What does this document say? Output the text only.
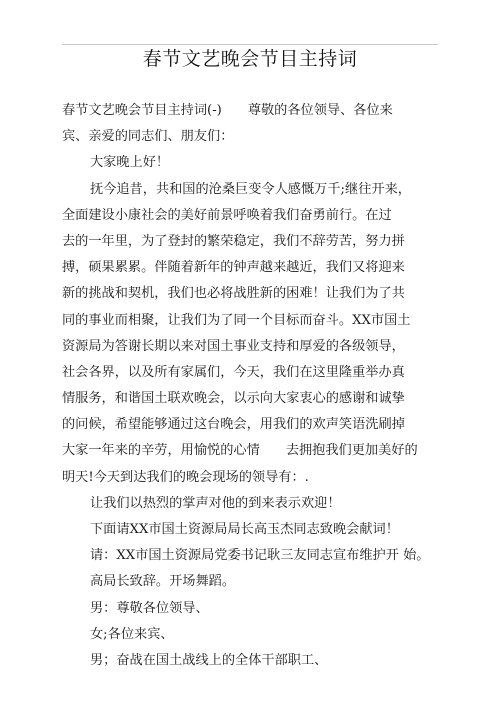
春节文艺晚会节目主持词
春节文艺晚会节目主持词(-) 尊敬的各位领导、各位来
宾、亲爱的同志们、朋友们：
大家晚上好！
抚今追昔，共和国的沧桑巨变令人感慨万千;继往开来，
全面建设小康社会的美好前景呼唤着我们奋勇前行。在过
去的一年里，为了登封的繁荣稳定，我们不辞劳苦，努力拼
搏，硕果累累。伴随着新年的钟声越来越近，我们又将迎来
新的挑战和契机，我们也必将战胜新的困难！让我们为了共
同的事业而相聚，让我们为了同一个目标而奋斗。XX市国土
资源局为答谢长期以来对国土事业支持和厚爱的各级领导，
社会各界，以及所有家属们，今天，我们在这里隆重举办真
情服务，和谐国土联欢晚会，以示向大家衷心的感谢和诚挚
的问候，希望能够通过这台晚会，用我们的欢声笑语洗刷掉
大家一年来的辛劳，用愉悦的心情 去拥抱我们更加美好的
明天!今天到达我们的晚会现场的领导有：.
让我们以热烈的掌声对他的到来表示欢迎！
下面请XX市国土资源局局长高玉杰同志致晚会献词！
请：XX市国土资源局党委书记耿三友同志宣布维护开 始。
高局长致辞。开场舞蹈。
男：尊敬各位领导、
女;各位来宾、
男；奋战在国土战线上的全体干部职工、
